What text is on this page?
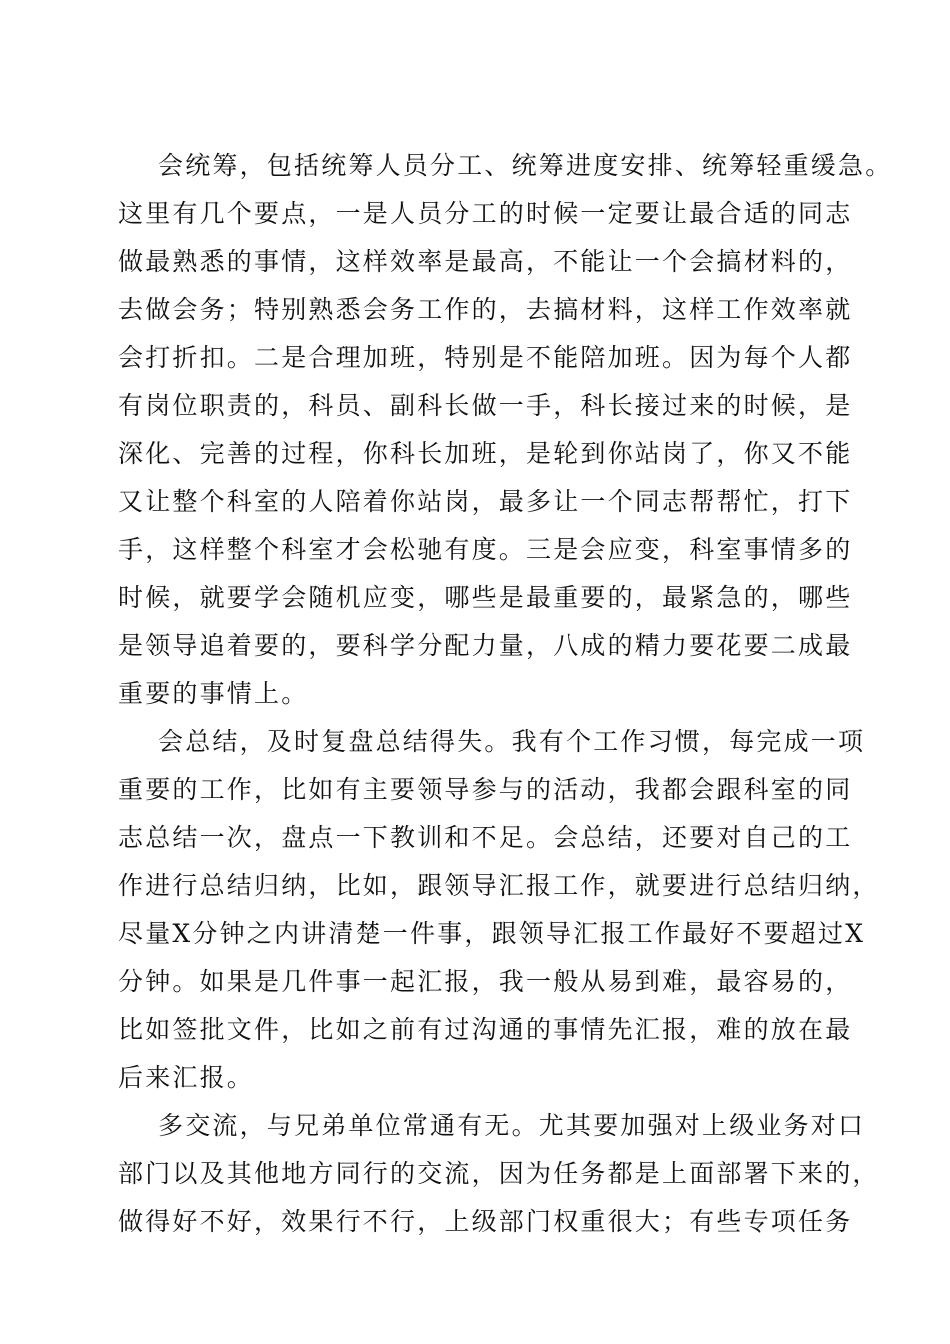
会统筹，包括统筹人员分工、统筹进度安排、统筹轻重缓急。
这里有几个要点，一是人员分工的时候一定要让最合适的同志
做最熟悉的事情，这样效率是最高，不能让一个会搞材料的，
去做会务；特别熟悉会务工作的，去搞材料，这样工作效率就
会打折扣。二是合理加班，特别是不能陪加班。因为每个人都
有岗位职责的，科员、副科长做一手，科长接过来的时候，是
深化、完善的过程，你科长加班，是轮到你站岗了，你又不能
又让整个科室的人陪着你站岗，最多让一个同志帮帮忙，打下
手，这样整个科室才会松驰有度。三是会应变，科室事情多的
时候，就要学会随机应变，哪些是最重要的，最紧急的，哪些
是领导追着要的，要科学分配力量，八成的精力要花要二成最
重要的事情上。
会总结，及时复盘总结得失。我有个工作习惯，每完成一项
重要的工作，比如有主要领导参与的活动，我都会跟科室的同
志总结一次，盘点一下教训和不足。会总结，还要对自己的工
作进行总结归纳，比如，跟领导汇报工作，就要进行总结归纳，
尽量X分钟之内讲清楚一件事，跟领导汇报工作最好不要超过X
分钟。如果是几件事一起汇报，我一般从易到难，最容易的，
比如签批文件，比如之前有过沟通的事情先汇报，难的放在最
后来汇报。
多交流，与兄弟单位常通有无。尤其要加强对上级业务对口
部门以及其他地方同行的交流，因为任务都是上面部署下来的，
做得好不好，效果行不行，上级部门权重很大；有些专项任务
